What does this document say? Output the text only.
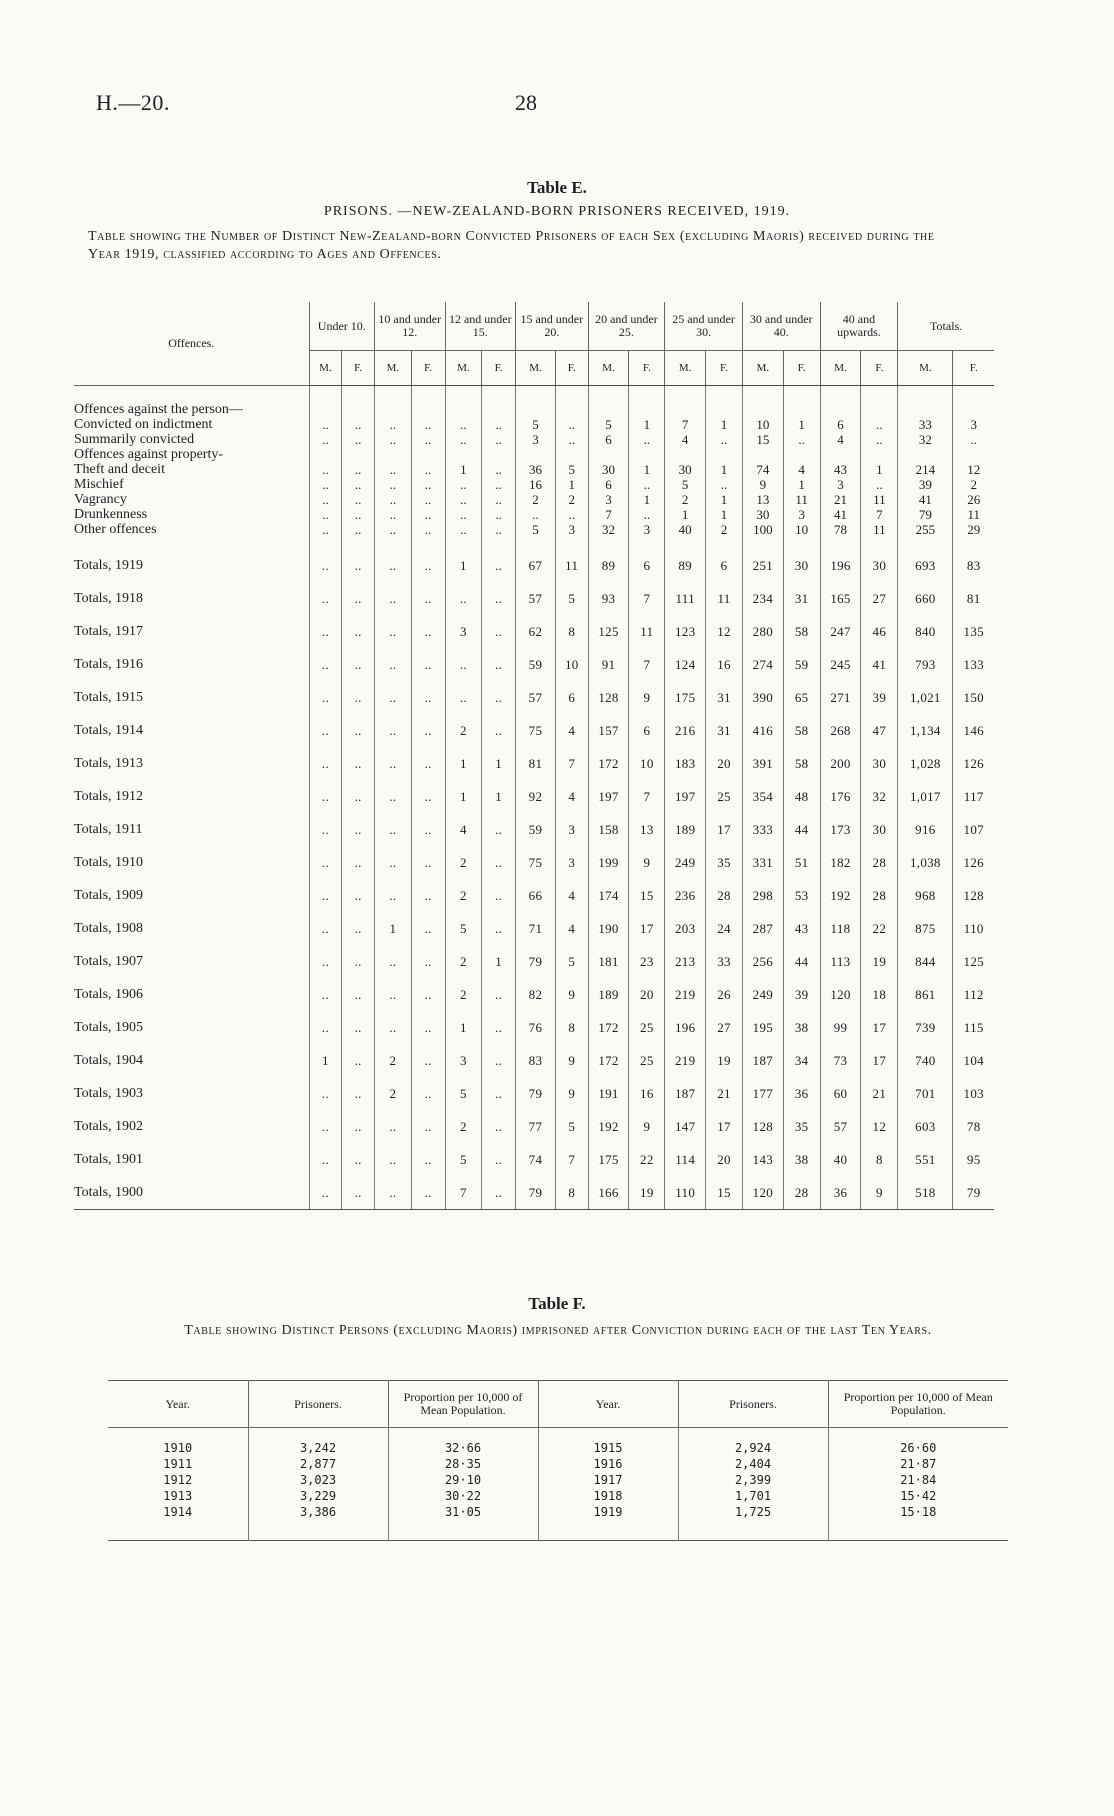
H.—20.	28
Table E.
PRISONS. —NEW-ZEALAND-BORN PRISONERS RECEIVED, 1919.
Table showing the Number of Distinct New-Zealand-born Convicted Prisoners of each Sex (excluding Maoris) received during the Year 1919, classified according to Ages and Offences.
Offences.	Under 10.		10 and under 12.		12 and under 15.		15 and under 20.		20 and under 25.		25 and under 30.		30 and under 40.		40 and upwards.		Totals.	
	M.	F.	M.	F.	M.	F.	M.	F.	M.	F.	M.	F.	M.	F.	M.	F.	M.	F.

Offences against the person—																		
Convicted on indictment	..	..	..	..	..	..	5	..	5	1	7	1	10	1	6	..	33	3
Summarily convicted	..	..	..	..	..	..	3	..	6	..	4	..	15	..	4	..	32	..
Offences against property-																		
Theft and deceit	..	..	..	..	1	..	36	5	30	1	30	1	74	4	43	1	214	12
Mischief	..	..	..	..	..	..	16	1	6	..	5	..	9	1	3	..	39	2
Vagrancy	..	..	..	..	..	..	2	2	3	1	2	1	13	11	21	11	41	26
Drunkenness	..	..	..	..	..	..	..	..	7	..	1	1	30	3	41	7	79	11
Other offences	..	..	..	..	..	..	5	3	32	3	40	2	100	10	78	11	255	29

Totals, 1919	..	..	..	..	1	..	67	11	89	6	89	6	251	30	196	30	693	83
Totals, 1918	..	..	..	..	..	..	57	5	93	7	111	11	234	31	165	27	660	81
Totals, 1917	..	..	..	..	3	..	62	8	125	11	123	12	280	58	247	46	840	135
Totals, 1916	..	..	..	..	..	..	59	10	91	7	124	16	274	59	245	41	793	133
Totals, 1915	..	..	..	..	..	..	57	6	128	9	175	31	390	65	271	39	1,021	150
Totals, 1914	..	..	..	..	2	..	75	4	157	6	216	31	416	58	268	47	1,134	146
Totals, 1913	..	..	..	..	1	1	81	7	172	10	183	20	391	58	200	30	1,028	126
Totals, 1912	..	..	..	..	1	1	92	4	197	7	197	25	354	48	176	32	1,017	117
Totals, 1911	..	..	..	..	4	..	59	3	158	13	189	17	333	44	173	30	916	107
Totals, 1910	..	..	..	..	2	..	75	3	199	9	249	35	331	51	182	28	1,038	126
Totals, 1909	..	..	..	..	2	..	66	4	174	15	236	28	298	53	192	28	968	128
Totals, 1908	..	..	1	..	5	..	71	4	190	17	203	24	287	43	118	22	875	110
Totals, 1907	..	..	..	..	2	1	79	5	181	23	213	33	256	44	113	19	844	125
Totals, 1906	..	..	..	..	2	..	82	9	189	20	219	26	249	39	120	18	861	112
Totals, 1905	..	..	..	..	1	..	76	8	172	25	196	27	195	38	99	17	739	115
Totals, 1904	1	..	2	..	3	..	83	9	172	25	219	19	187	34	73	17	740	104
Totals, 1903	..	..	2	..	5	..	79	9	191	16	187	21	177	36	60	21	701	103
Totals, 1902	..	..	..	..	2	..	77	5	192	9	147	17	128	35	57	12	603	78
Totals, 1901	..	..	..	..	5	..	74	7	175	22	114	20	143	38	40	8	551	95
Totals, 1900	..	..	..	..	7	..	79	8	166	19	110	15	120	28	36	9	518	79
Table F.
Table showing Distinct Persons (excluding Maoris) imprisoned after Conviction during each of the last Ten Years.
Year.	Prisoners.	Proportion per 10,000 of Mean Population.	Year.	Prisoners.	Proportion per 10,000 of Mean Population.

1910	3,242	32·66	1915	2,924	26·60
1911	2,877	28·35	1916	2,404	21·87
1912	3,023	29·10	1917	2,399	21·84
1913	3,229	30·22	1918	1,701	15·42
1914	3,386	31·05	1919	1,725	15·18
